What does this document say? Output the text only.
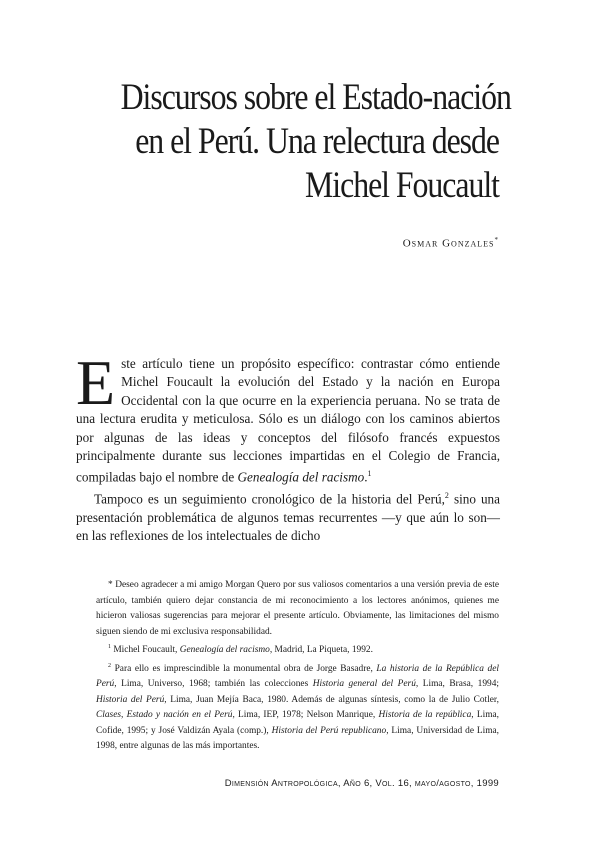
Discursos sobre el Estado-nación
en el Perú. Una relectura desde
Michel Foucault
Osmar Gonzales*

Este artículo tiene un propósito específico: contrastar cómo entiende Michel Foucault la evolución del Estado y la nación en Europa Occidental con la que ocurre en la experiencia peruana. No se trata de una lectura erudita y meticulosa. Sólo es un diálogo con los caminos abiertos por algunas de las ideas y conceptos del filósofo francés expuestos principalmente durante sus lecciones impartidas en el Colegio de Francia, compiladas bajo el nombre de Genealogía del racismo.$^1$

Tampoco es un seguimiento cronológico de la historia del Perú,$^2$ sino una presentación problemática de algunos temas recurrentes —y que aún lo son— en las reflexiones de los intelectuales de dicho

* Deseo agradecer a mi amigo Morgan Quero por sus valiosos comentarios a una versión previa de este artículo, también quiero dejar constancia de mi reconocimiento a los lectores anónimos, quienes me hicieron valiosas sugerencias para mejorar el presente artículo. Obviamente, las limitaciones del mismo siguen siendo de mi exclusiva responsabilidad.

$^1$ Michel Foucault, Genealogía del racismo, Madrid, La Piqueta, 1992.

$^2$ Para ello es imprescindible la monumental obra de Jorge Basadre, La historia de la República del Perú, Lima, Universo, 1968; también las colecciones Historia general del Perú, Lima, Brasa, 1994; Historia del Perú, Lima, Juan Mejía Baca, 1980. Además de algunas síntesis, como la de Julio Cotler, Clases, Estado y nación en el Perú, Lima, IEP, 1978; Nelson Manrique, Historia de la república, Lima, Cofide, 1995; y José Valdizán Ayala (comp.), Historia del Perú republicano, Lima, Universidad de Lima, 1998, entre algunas de las más importantes.

Dimensión Antropológica, Año 6, Vol. 16, mayo/agosto, 1999
